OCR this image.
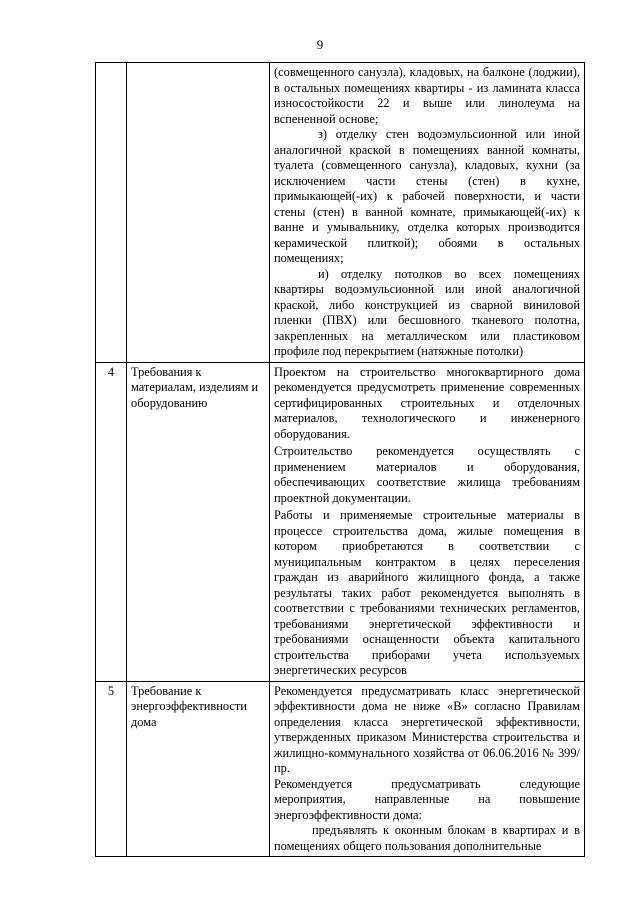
9

		(совмещенного санузла), кладовых, на балконе (лоджии), в остальных помещениях квартиры - из ламината класса износостойкости 22 и выше или линолеума на вспененной основе;

з) отделку стен водоэмульсионной или иной аналогичной краской в помещениях ванной комнаты, туалета (совмещенного санузла), кладовых, кухни (за исключением части стены (стен) в кухне, примыкающей(-их) к рабочей поверхности, и части стены (стен) в ванной комнате, примыкающей(-их) к ванне и умывальнику, отделка которых производится керамической плиткой); обоями в остальных помещениях;

и) отделку потолков во всех помещениях квартиры водоэмульсионной или иной аналогичной краской, либо конструкцией из сварной виниловой пленки (ПВХ) или бесшовного тканевого полотна, закрепленных на металлическом или пластиковом профиле под перекрытием (натяжные потолки)

4	Требования к материалам, изделиям и оборудованию	Проектом на строительство многоквартирного дома рекомендуется предусмотреть применение современных сертифицированных строительных и отделочных материалов, технологического и инженерного оборудования.

Строительство рекомендуется осуществлять с применением материалов и оборудования, обеспечивающих соответствие жилища требованиям проектной документации.

Работы и применяемые строительные материалы в процессе строительства дома, жилые помещения в котором приобретаются в соответствии с муниципальным контрактом в целях переселения граждан из аварийного жилищного фонда, а также результаты таких работ рекомендуется выполнять в соответствии с требованиями технических регламентов, требованиями энергетической эффективности и требованиями оснащенности объекта капитального строительства приборами учета используемых энергетических ресурсов

5	Требование к энергоэффективности дома	Рекомендуется предусматривать класс энергетической эффективности дома не ниже «В» согласно Правилам определения класса энергетической эффективности, утвержденных приказом Министерства строительства и жилищно-коммунального хозяйства от 06.06.2016 № 399/пр.

Рекомендуется предусматривать следующие мероприятия, направленные на повышение энергоэффективности дома:

предъявлять к оконным блокам в квартирах и в помещениях общего пользования дополнительные
